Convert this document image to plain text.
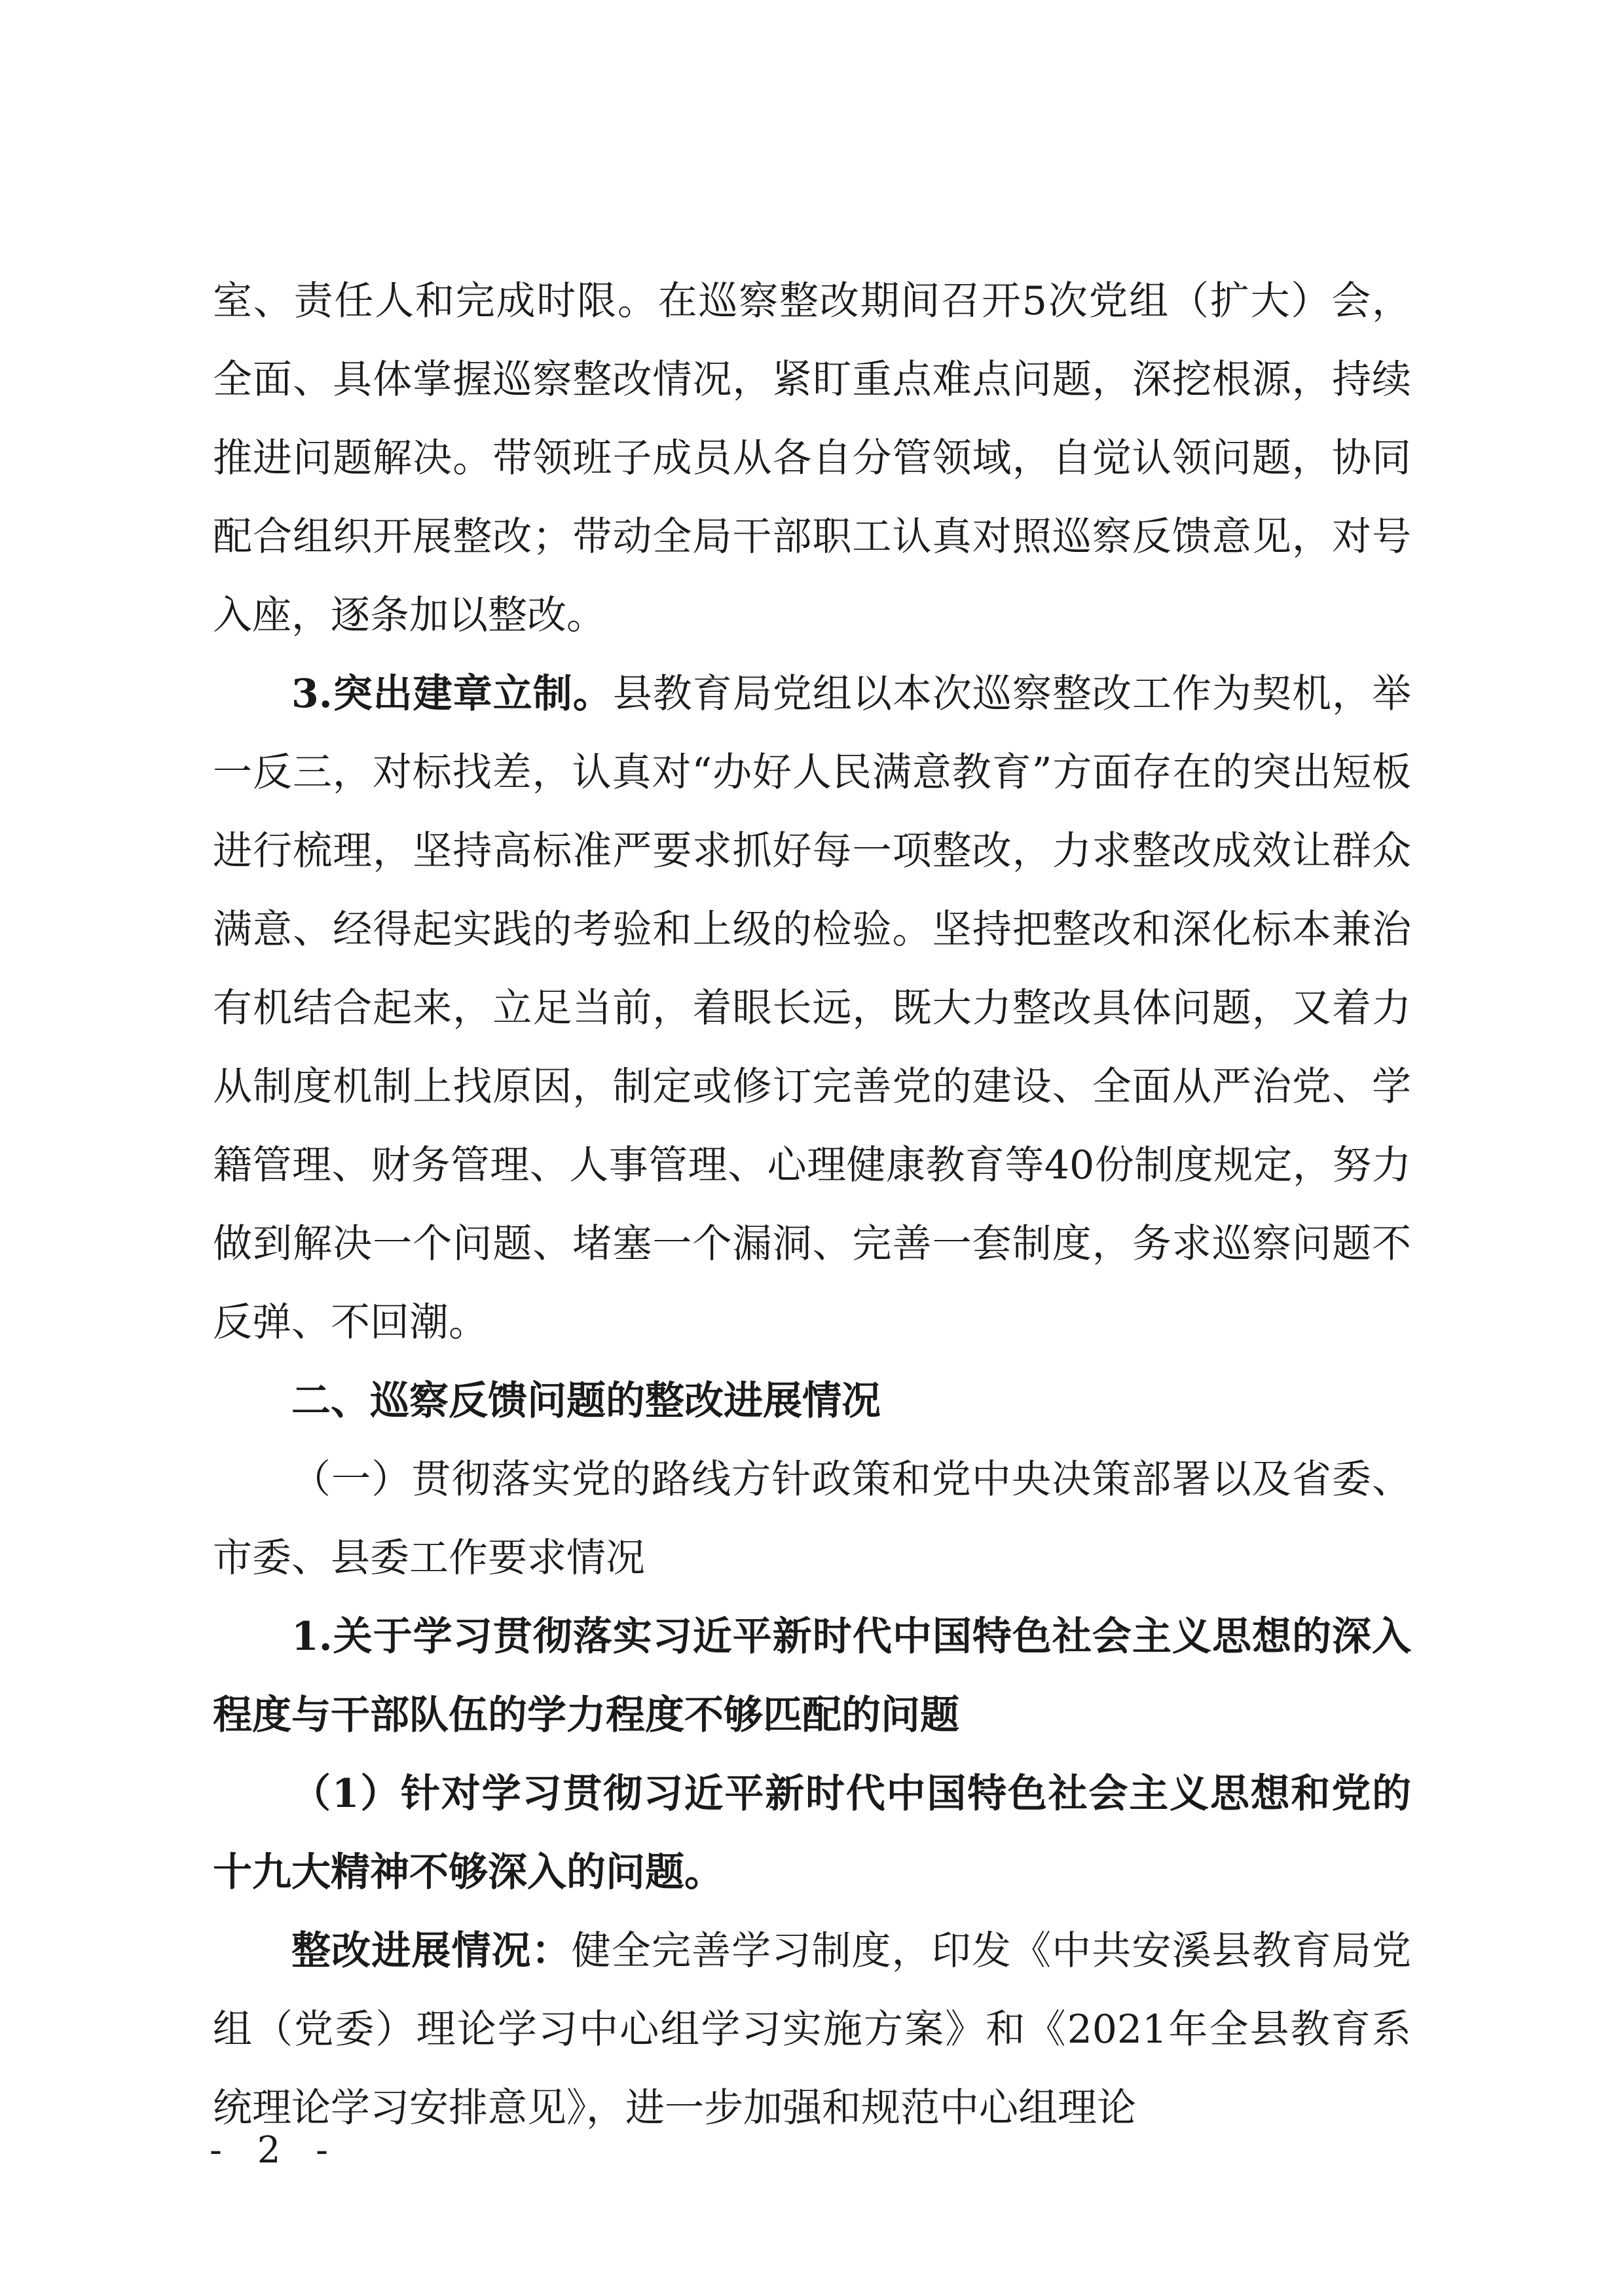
室、责任人和完成时限。在巡察整改期间召开5次党组（扩大）会，全面、具体掌握巡察整改情况，紧盯重点难点问题，深挖根源，持续推进问题解决。带领班子成员从各自分管领域，自觉认领问题，协同配合组织开展整改；带动全局干部职工认真对照巡察反馈意见，对号入座，逐条加以整改。

3.突出建章立制。县教育局党组以本次巡察整改工作为契机，举一反三，对标找差，认真对“办好人民满意教育”方面存在的突出短板进行梳理，坚持高标准严要求抓好每一项整改，力求整改成效让群众满意、经得起实践的考验和上级的检验。坚持把整改和深化标本兼治有机结合起来，立足当前，着眼长远，既大力整改具体问题，又着力从制度机制上找原因，制定或修订完善党的建设、全面从严治党、学籍管理、财务管理、人事管理、心理健康教育等40份制度规定，努力做到解决一个问题、堵塞一个漏洞、完善一套制度，务求巡察问题不反弹、不回潮。

二、巡察反馈问题的整改进展情况

（一）贯彻落实党的路线方针政策和党中央决策部署以及省委、市委、县委工作要求情况

1.关于学习贯彻落实习近平新时代中国特色社会主义思想的深入程度与干部队伍的学力程度不够匹配的问题

（1）针对学习贯彻习近平新时代中国特色社会主义思想和党的十九大精神不够深入的问题。

整改进展情况：健全完善学习制度，印发《中共安溪县教育局党组（党委）理论学习中心组学习实施方案》和《2021年全县教育系统理论学习安排意见》，进一步加强和规范中心组理论

- 2 -
